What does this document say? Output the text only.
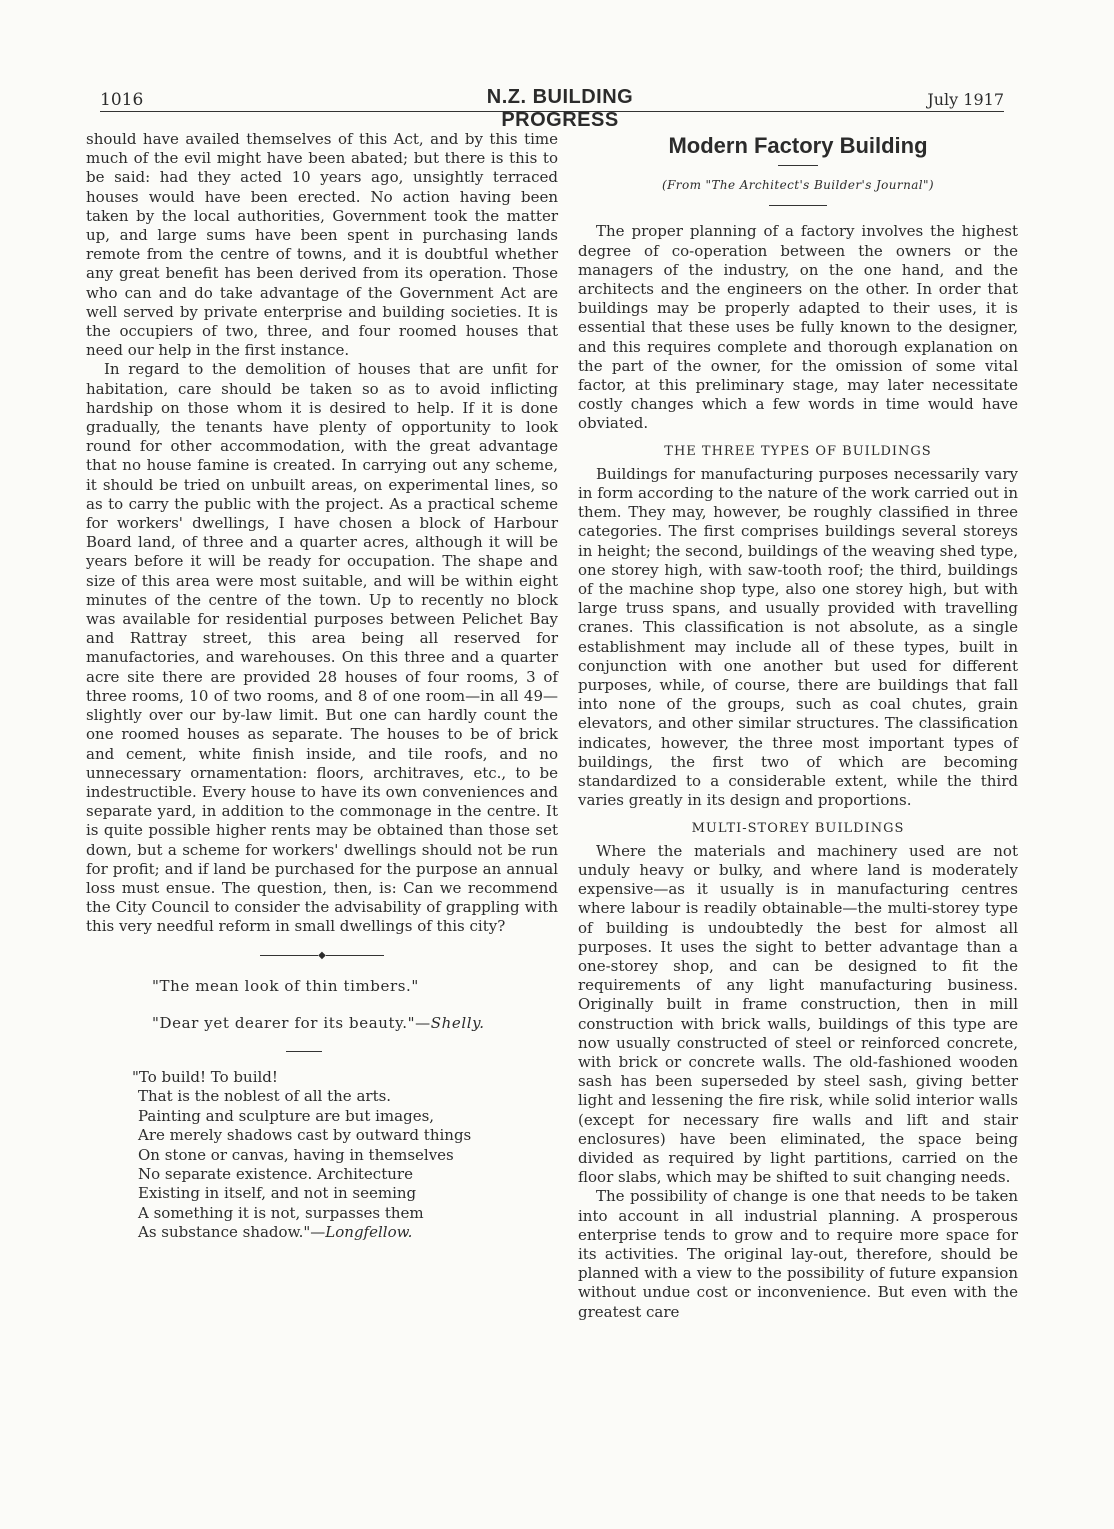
1016	N.Z. BUILDING PROGRESS
July 1917

should have availed themselves of this Act, and by this time much of the evil might have been abated; but there is this to be said: had they acted 10 years ago, unsightly terraced houses would have been erected. No action having been taken by the local authorities, Government took the matter up, and large sums have been spent in purchasing lands remote from the centre of towns, and it is doubtful whether any great benefit has been derived from its operation. Those who can and do take advantage of the Government Act are well served by private enterprise and building societies. It is the occupiers of two, three, and four roomed houses that need our help in the first instance.

In regard to the demolition of houses that are unfit for habitation, care should be taken so as to avoid inflicting hardship on those whom it is desired to help. If it is done gradually, the tenants have plenty of opportunity to look round for other accommodation, with the great advantage that no house famine is created. In carrying out any scheme, it should be tried on unbuilt areas, on experimental lines, so as to carry the public with the project. As a practical scheme for workers' dwellings, I have chosen a block of Harbour Board land, of three and a quarter acres, although it will be years before it will be ready for occupation. The shape and size of this area were most suitable, and will be within eight minutes of the centre of the town. Up to recently no block was available for residential purposes between Pelichet Bay and Rattray street, this area being all reserved for manufactories, and warehouses. On this three and a quarter acre site there are provided 28 houses of four rooms, 3 of three rooms, 10 of two rooms, and 8 of one room—in all 49—slightly over our by-law limit. But one can hardly count the one roomed houses as separate. The houses to be of brick and cement, white finish inside, and tile roofs, and no unnecessary ornamentation: floors, architraves, etc., to be indestructible. Every house to have its own conveniences and separate yard, in addition to the commonage in the centre. It is quite possible higher rents may be obtained than those set down, but a scheme for workers' dwellings should not be run for profit; and if land be purchased for the purpose an annual loss must ensue. The question, then, is: Can we recommend the City Council to consider the advisability of grappling with this very needful reform in small dwellings of this city?

◆

"The mean look of thin timbers."

"Dear yet dearer for its beauty."—Shelly.

"To build! To build!
That is the noblest of all the arts.
Painting and sculpture are but images,
Are merely shadows cast by outward things
On stone or canvas, having in themselves
No separate existence. Architecture
Existing in itself, and not in seeming
A something it is not, surpasses them
As substance shadow."—Longfellow.
Modern Factory Building
(From "The Architect's Builder's Journal")

The proper planning of a factory involves the highest degree of co-operation between the owners or the managers of the industry, on the one hand, and the architects and the engineers on the other. In order that buildings may be properly adapted to their uses, it is essential that these uses be fully known to the designer, and this requires complete and thorough explanation on the part of the owner, for the omission of some vital factor, at this preliminary stage, may later necessitate costly changes which a few words in time would have obviated.

THE THREE TYPES OF BUILDINGS

Buildings for manufacturing purposes necessarily vary in form according to the nature of the work carried out in them. They may, however, be roughly classified in three categories. The first comprises buildings several storeys in height; the second, buildings of the weaving shed type, one storey high, with saw-tooth roof; the third, buildings of the machine shop type, also one storey high, but with large truss spans, and usually provided with travelling cranes. This classification is not absolute, as a single establishment may include all of these types, built in conjunction with one another but used for different purposes, while, of course, there are buildings that fall into none of the groups, such as coal chutes, grain elevators, and other similar structures. The classification indicates, however, the three most important types of buildings, the first two of which are becoming standardized to a considerable extent, while the third varies greatly in its design and proportions.

MULTI-STOREY BUILDINGS

Where the materials and machinery used are not unduly heavy or bulky, and where land is moderately expensive—as it usually is in manufacturing centres where labour is readily obtainable—the multi-storey type of building is undoubtedly the best for almost all purposes. It uses the sight to better advantage than a one-storey shop, and can be designed to fit the requirements of any light manufacturing business. Originally built in frame construction, then in mill construction with brick walls, buildings of this type are now usually constructed of steel or reinforced concrete, with brick or concrete walls. The old-fashioned wooden sash has been superseded by steel sash, giving better light and lessening the fire risk, while solid interior walls (except for necessary fire walls and lift and stair enclosures) have been eliminated, the space being divided as required by light partitions, carried on the floor slabs, which may be shifted to suit changing needs.

The possibility of change is one that needs to be taken into account in all industrial planning. A prosperous enterprise tends to grow and to require more space for its activities. The original lay-out, therefore, should be planned with a view to the possibility of future expansion without undue cost or inconvenience. But even with the greatest care
